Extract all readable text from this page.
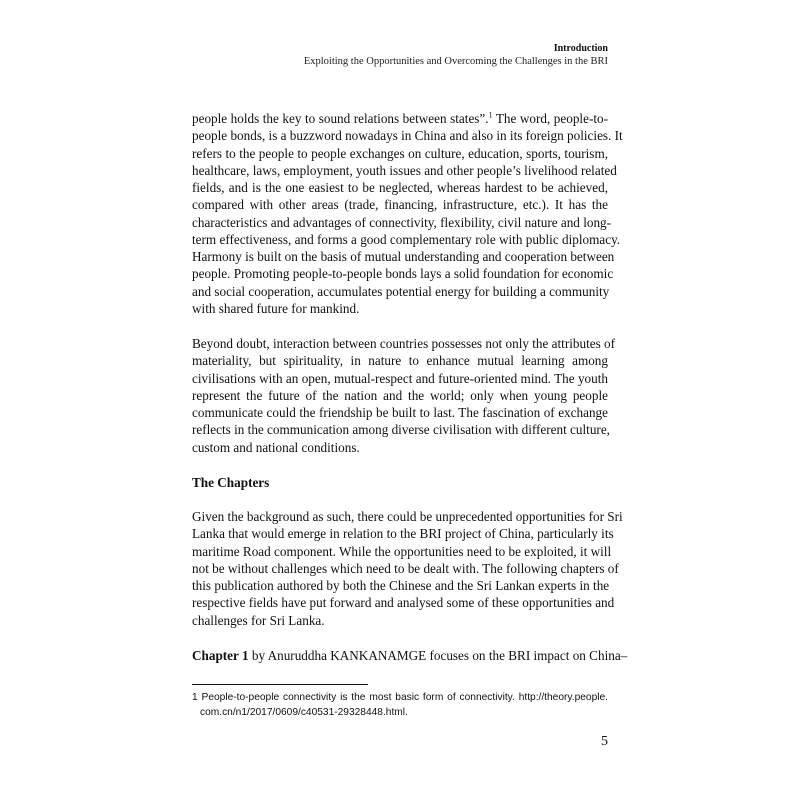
Introduction
Exploiting the Opportunities and Overcoming the Challenges in the BRI
people holds the key to sound relations between states”.$^1$ The word, people-to-
people bonds, is a buzzword nowadays in China and also in its foreign policies. It
refers to the people to people exchanges on culture, education, sports, tourism,
healthcare, laws, employment, youth issues and other people’s livelihood related
fields, and is the one easiest to be neglected, whereas hardest to be achieved,
compared with other areas (trade, financing, infrastructure, etc.). It has the
characteristics and advantages of connectivity, flexibility, civil nature and long-
term effectiveness, and forms a good complementary role with public diplomacy.
Harmony is built on the basis of mutual understanding and cooperation between
people. Promoting people-to-people bonds lays a solid foundation for economic
and social cooperation, accumulates potential energy for building a community
with shared future for mankind.
Beyond doubt, interaction between countries possesses not only the attributes of
materiality, but spirituality, in nature to enhance mutual learning among
civilisations with an open, mutual-respect and future-oriented mind. The youth
represent the future of the nation and the world; only when young people
communicate could the friendship be built to last. The fascination of exchange
reflects in the communication among diverse civilisation with different culture,
custom and national conditions.
The Chapters
Given the background as such, there could be unprecedented opportunities for Sri
Lanka that would emerge in relation to the BRI project of China, particularly its
maritime Road component. While the opportunities need to be exploited, it will
not be without challenges which need to be dealt with. The following chapters of
this publication authored by both the Chinese and the Sri Lankan experts in the
respective fields have put forward and analysed some of these opportunities and
challenges for Sri Lanka.
Chapter 1 by Anuruddha KANKANAMGE focuses on the BRI impact on China–
1 People-to-people connectivity is the most basic form of connectivity. http://theory.people.
com.cn/n1/2017/0609/c40531-29328448.html.
5
